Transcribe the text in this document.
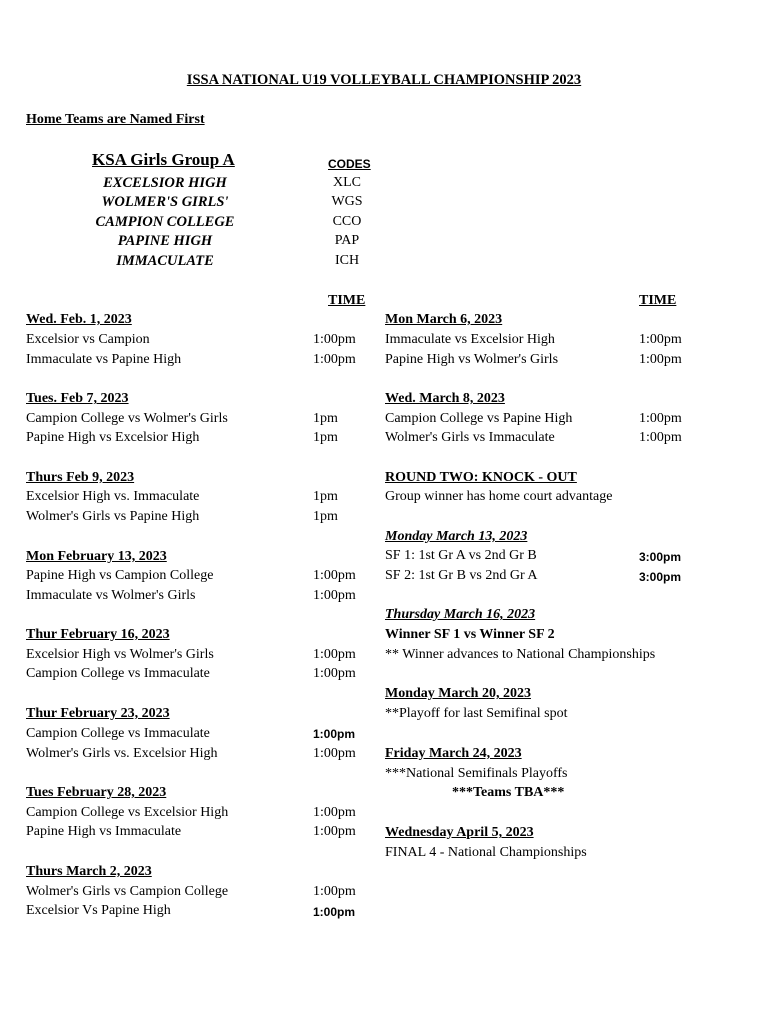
ISSA NATIONAL U19 VOLLEYBALL CHAMPIONSHIP 2023
Home Teams are Named First
KSA Girls Group A	CODES
EXCELSIOR HIGH	XLC
WOLMER'S GIRLS'	WGS
CAMPION COLLEGE	CCO
PAPINE HIGH	PAP
IMMACULATE	ICH
TIME	TIME
Wed. Feb. 1, 2023
Excelsior vs Campion	1:00pm
Immaculate vs Papine High	1:00pm
Tues. Feb 7, 2023
Campion College vs Wolmer's Girls	1pm
Papine High vs Excelsior High	1pm
Thurs Feb 9, 2023
Excelsior High vs. Immaculate	1pm
Wolmer's Girls vs Papine High	1pm
Mon February 13, 2023
Papine High vs Campion College	1:00pm
Immaculate vs Wolmer's Girls	1:00pm
Thur February 16, 2023
Excelsior High vs Wolmer's Girls	1:00pm
Campion College vs Immaculate	1:00pm
Thur February 23, 2023
Campion College vs Immaculate	1:00pm
Wolmer's Girls vs. Excelsior High	1:00pm
Tues February 28, 2023
Campion College vs Excelsior High	1:00pm
Papine High vs Immaculate	1:00pm
Thurs March 2, 2023
Wolmer's Girls vs Campion College	1:00pm
Excelsior Vs Papine High	1:00pm
Mon March 6, 2023
Immaculate vs Excelsior High	1:00pm
Papine High vs Wolmer's Girls	1:00pm
Wed. March 8, 2023
Campion College vs Papine High	1:00pm
Wolmer's Girls vs Immaculate	1:00pm
ROUND TWO: KNOCK - OUT
Group winner has home court advantage
Monday March 13, 2023
SF 1: 1st Gr A vs 2nd Gr B	3:00pm
SF 2: 1st Gr B vs 2nd Gr A	3:00pm
Thursday March 16, 2023
Winner SF 1 vs Winner SF 2
** Winner advances to National Championships
Monday March 20, 2023
**Playoff for last Semifinal spot
Friday March 24, 2023
***National Semifinals Playoffs
***Teams TBA***
Wednesday April 5, 2023
FINAL 4 - National Championships
